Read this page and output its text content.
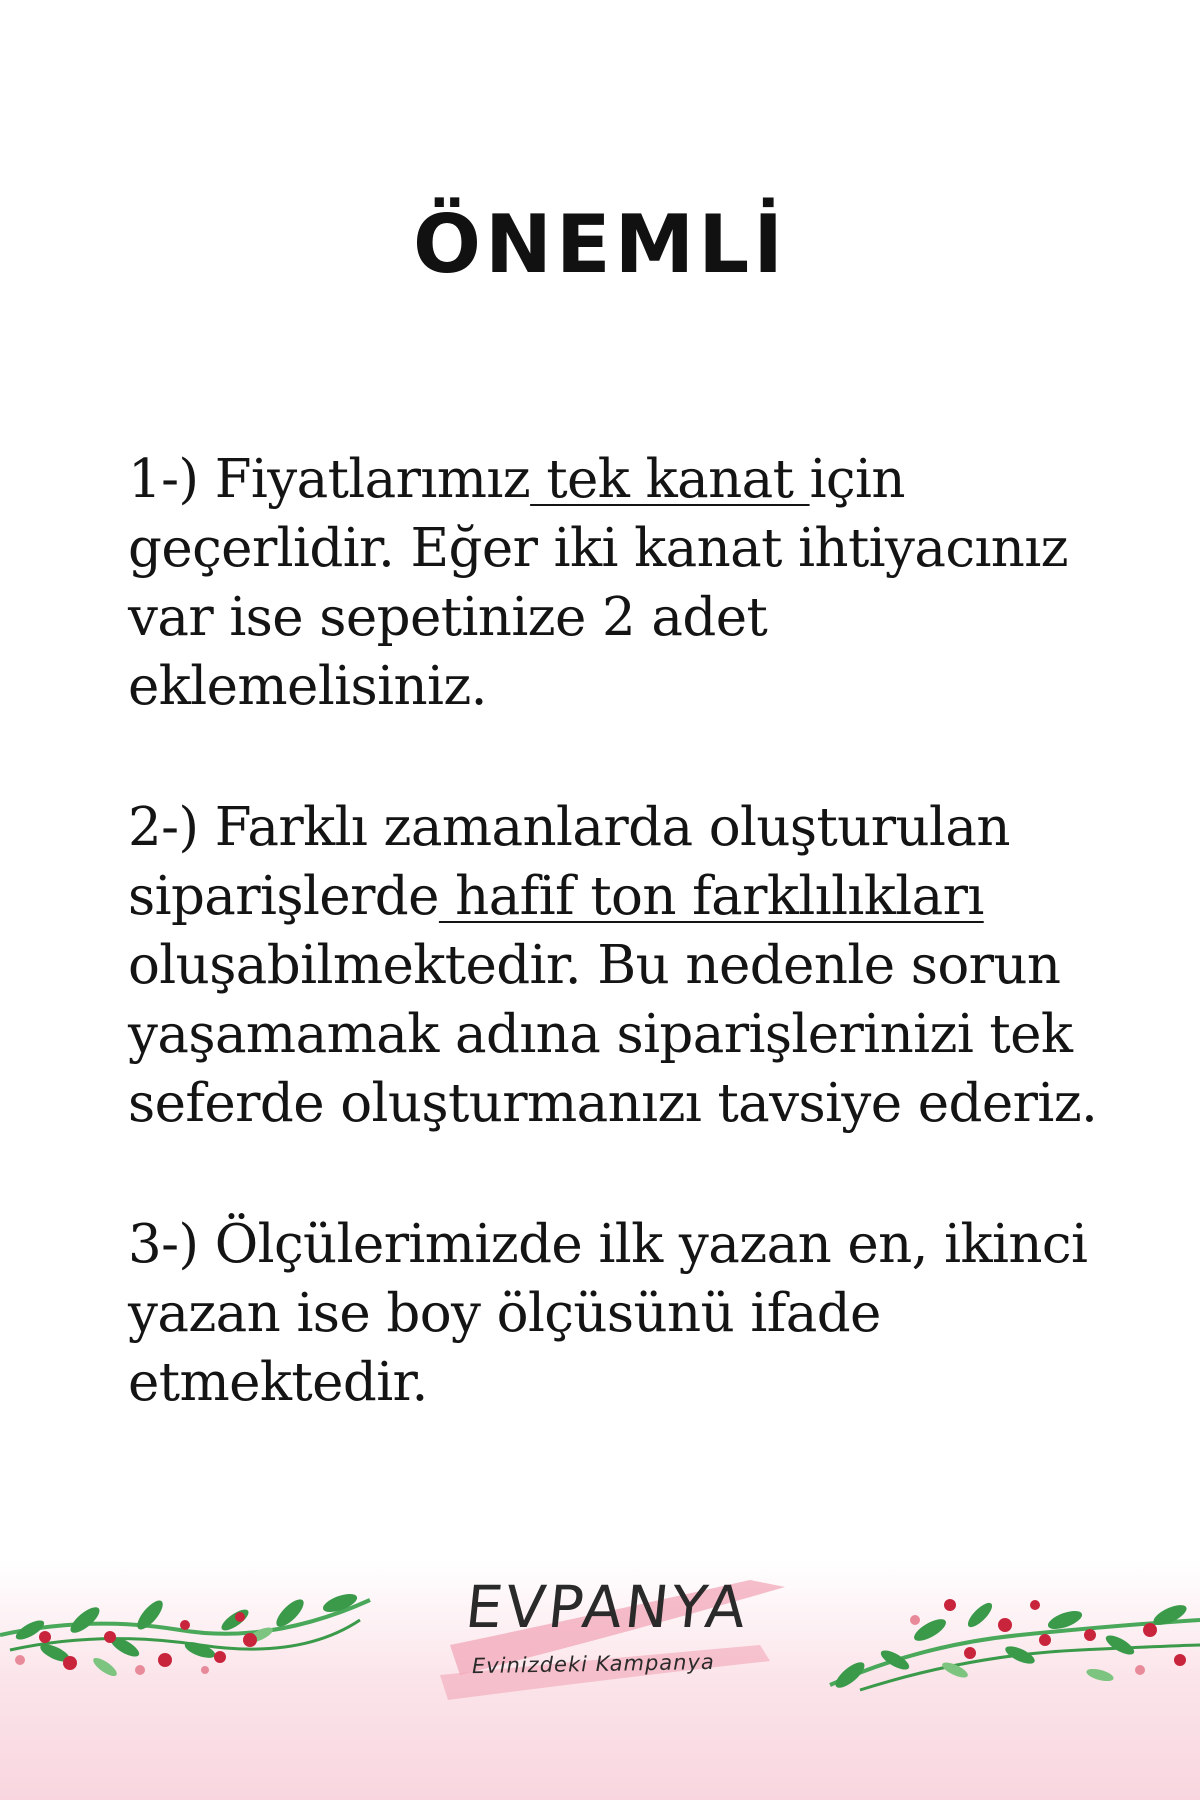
ÖNEMLİ

1-) Fiyatlarımız tek kanat için geçerlidir. Eğer iki kanat ihtiyacınız var ise sepetinize 2 adet eklemelisiniz.

2-) Farklı zamanlarda oluşturulan siparişlerde hafif ton farklılıkları oluşabilmektedir. Bu nedenle sorun yaşamamak adına siparişlerinizi tek seferde oluşturmanızı tavsiye ederiz.

3-) Ölçülerimizde ilk yazan en, ikinci yazan ise boy ölçüsünü ifade etmektedir.

EVPANYA
Evinizdeki Kampanya
